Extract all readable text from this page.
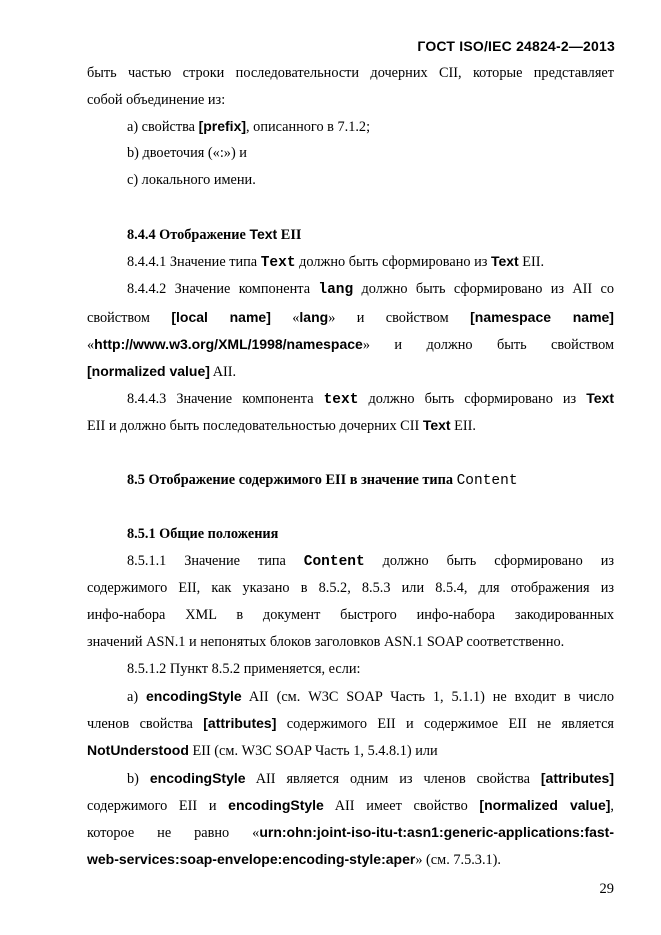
ГОСТ ISO/IEC 24824-2—2013
быть частью строки последовательности дочерних CII, которые представляет
собой объединение из:
а) свойства [prefix], описанного в 7.1.2;
b) двоеточия («:») и
с) локального имени.
8.4.4 Отображение Text EII
8.4.4.1 Значение типа Text должно быть сформировано из Text EII.
8.4.4.2 Значение компонента lang должно быть сформировано из AII со
свойством [local name] «lang» и свойством [namespace name]
«http://www.w3.org/XML/1998/namespace» и должно быть свойством
[normalized value] AII.
8.4.4.3 Значение компонента text должно быть сформировано из Text
EII и должно быть последовательностью дочерних CII Text EII.
8.5 Отображение содержимого EII в значение типа Content
8.5.1 Общие положения
8.5.1.1 Значение типа Content должно быть сформировано из
содержимого EII, как указано в 8.5.2, 8.5.3 или 8.5.4, для отображения из
инфо-набора XML в документ быстрого инфо-набора закодированных
значений ASN.1 и непонятых блоков заголовков ASN.1 SOAP соответственно.
8.5.1.2 Пункт 8.5.2 применяется, если:
а) encodingStyle AII (см. W3C SOAP Часть 1, 5.1.1) не входит в число
членов свойства [attributes] содержимого EII и содержимое EII не является
NotUnderstood EII (см. W3C SOAP Часть 1, 5.4.8.1) или
b) encodingStyle AII является одним из членов свойства [attributes]
содержимого EII и encodingStyle AII имеет свойство [normalized value],
которое не равно «urn:ohn:joint-iso-itu-t:asn1:generic-applications:fast-
web-services:soap-envelope:encoding-style:aper» (см. 7.5.3.1).
29
